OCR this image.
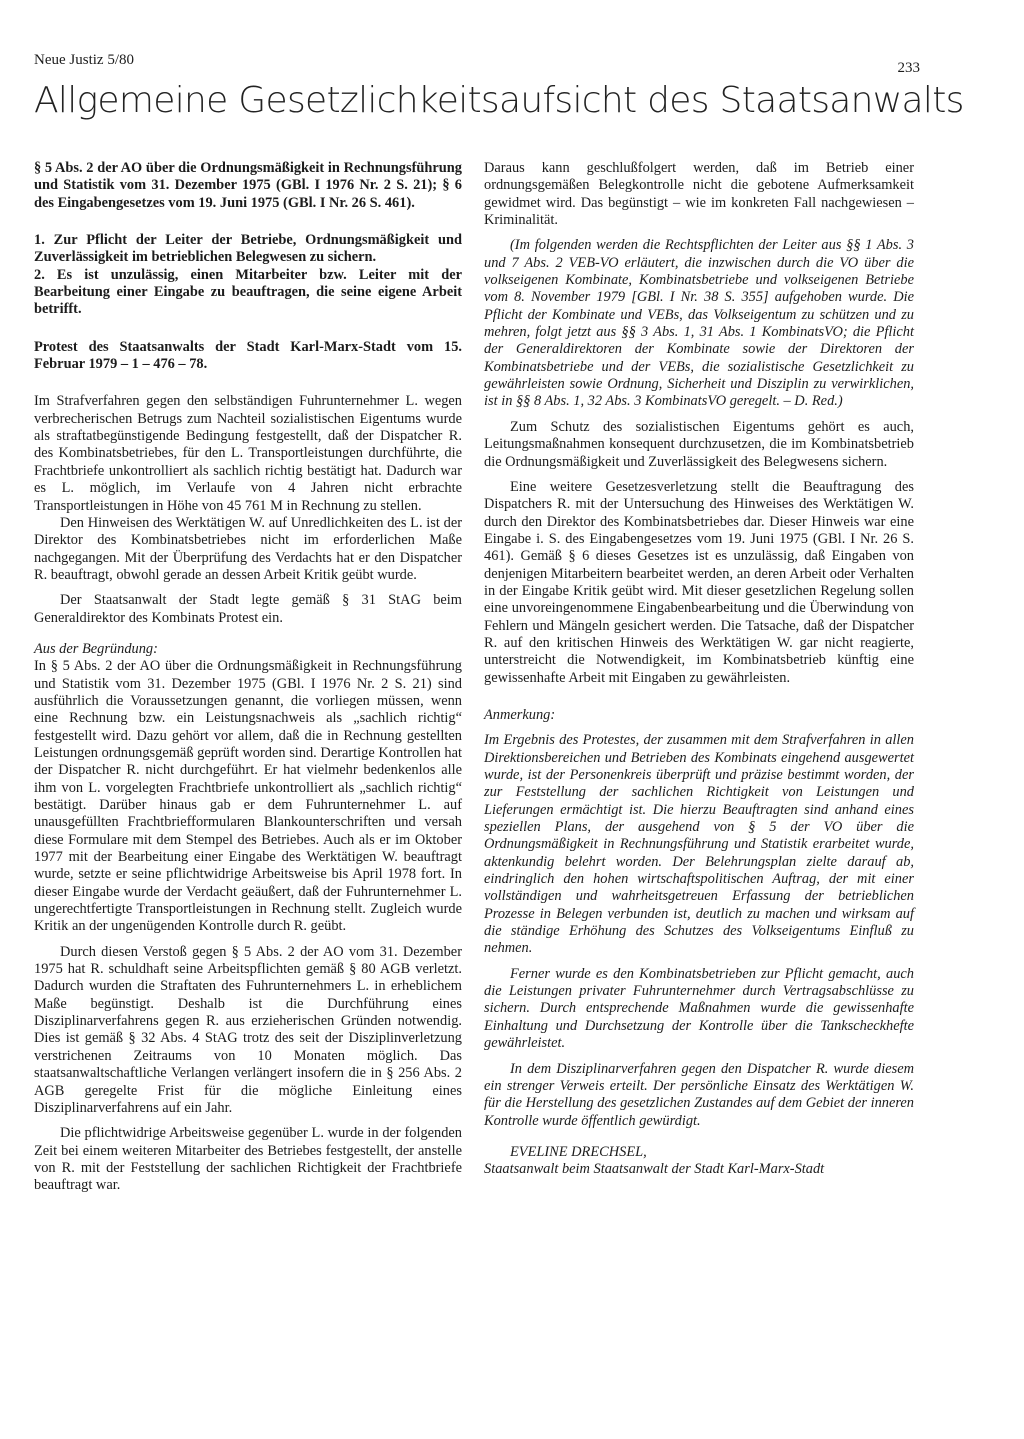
Neue Justiz 5/80	233
Allgemeine Gesetzlichkeitsaufsicht des Staatsanwalts

§ 5 Abs. 2 der AO über die Ordnungsmäßigkeit in Rechnungsführung und Statistik vom 31. Dezember 1975 (GBl. I 1976 Nr. 2 S. 21); § 6 des Eingabengesetzes vom 19. Juni 1975 (GBl. I Nr. 26 S. 461).

1. Zur Pflicht der Leiter der Betriebe, Ordnungsmäßigkeit und Zuverlässigkeit im betrieblichen Belegwesen zu sichern.

2. Es ist unzulässig, einen Mitarbeiter bzw. Leiter mit der Bearbeitung einer Eingabe zu beauftragen, die seine eigene Arbeit betrifft.

Protest des Staatsanwalts der Stadt Karl-Marx-Stadt vom 15. Februar 1979 – 1 – 476 – 78.

Im Strafverfahren gegen den selbständigen Fuhrunternehmer L. wegen verbrecherischen Betrugs zum Nachteil sozialistischen Eigentums wurde als straftatbegünstigende Bedingung festgestellt, daß der Dispatcher R. des Kombinatsbetriebes, für den L. Transportleistungen durchführte, die Frachtbriefe unkontrolliert als sachlich richtig bestätigt hat. Dadurch war es L. möglich, im Verlaufe von 4 Jahren nicht erbrachte Transportleistungen in Höhe von 45 761 M in Rechnung zu stellen.

Den Hinweisen des Werktätigen W. auf Unredlichkeiten des L. ist der Direktor des Kombinatsbetriebes nicht im erforderlichen Maße nachgegangen. Mit der Überprüfung des Verdachts hat er den Dispatcher R. beauftragt, obwohl gerade an dessen Arbeit Kritik geübt wurde.

Der Staatsanwalt der Stadt legte gemäß § 31 StAG beim Generaldirektor des Kombinats Protest ein.

Aus der Begründung:

In § 5 Abs. 2 der AO über die Ordnungsmäßigkeit in Rechnungsführung und Statistik vom 31. Dezember 1975 (GBl. I 1976 Nr. 2 S. 21) sind ausführlich die Voraussetzungen genannt, die vorliegen müssen, wenn eine Rechnung bzw. ein Leistungsnachweis als „sachlich richtig“ festgestellt wird. Dazu gehört vor allem, daß die in Rechnung gestellten Leistungen ordnungsgemäß geprüft worden sind. Derartige Kontrollen hat der Dispatcher R. nicht durchgeführt. Er hat vielmehr bedenkenlos alle ihm von L. vorgelegten Frachtbriefe unkontrolliert als „sachlich richtig“ bestätigt. Darüber hinaus gab er dem Fuhrunternehmer L. auf unausgefüllten Frachtbriefformularen Blankounterschriften und versah diese Formulare mit dem Stempel des Betriebes. Auch als er im Oktober 1977 mit der Bearbeitung einer Eingabe des Werktätigen W. beauftragt wurde, setzte er seine pflichtwidrige Arbeitsweise bis April 1978 fort. In dieser Eingabe wurde der Verdacht geäußert, daß der Fuhrunternehmer L. ungerechtfertigte Transportleistungen in Rechnung stellt. Zugleich wurde Kritik an der ungenügenden Kontrolle durch R. geübt.

Durch diesen Verstoß gegen § 5 Abs. 2 der AO vom 31. Dezember 1975 hat R. schuldhaft seine Arbeitspflichten gemäß § 80 AGB verletzt. Dadurch wurden die Straftaten des Fuhrunternehmers L. in erheblichem Maße begünstigt. Deshalb ist die Durchführung eines Disziplinarverfahrens gegen R. aus erzieherischen Gründen notwendig. Dies ist gemäß § 32 Abs. 4 StAG trotz des seit der Disziplinverletzung verstrichenen Zeitraums von 10 Monaten möglich. Das staatsanwaltschaftliche Verlangen verlängert insofern die in § 256 Abs. 2 AGB geregelte Frist für die mögliche Einleitung eines Disziplinarverfahrens auf ein Jahr.

Die pflichtwidrige Arbeitsweise gegenüber L. wurde in der folgenden Zeit bei einem weiteren Mitarbeiter des Betriebes festgestellt, der anstelle von R. mit der Feststellung der sachlichen Richtigkeit der Frachtbriefe beauftragt war.

Daraus kann geschlußfolgert werden, daß im Betrieb einer ordnungsgemäßen Belegkontrolle nicht die gebotene Aufmerksamkeit gewidmet wird. Das begünstigt – wie im konkreten Fall nachgewiesen – Kriminalität.

(Im folgenden werden die Rechtspflichten der Leiter aus §§ 1 Abs. 3 und 7 Abs. 2 VEB-VO erläutert, die inzwischen durch die VO über die volkseigenen Kombinate, Kombinatsbetriebe und volkseigenen Betriebe vom 8. November 1979 [GBl. I Nr. 38 S. 355] aufgehoben wurde. Die Pflicht der Kombinate und VEBs, das Volkseigentum zu schützen und zu mehren, folgt jetzt aus §§ 3 Abs. 1, 31 Abs. 1 KombinatsVO; die Pflicht der Generaldirektoren der Kombinate sowie der Direktoren der Kombinatsbetriebe und der VEBs, die sozialistische Gesetzlichkeit zu gewährleisten sowie Ordnung, Sicherheit und Disziplin zu verwirklichen, ist in §§ 8 Abs. 1, 32 Abs. 3 KombinatsVO geregelt. – D. Red.)

Zum Schutz des sozialistischen Eigentums gehört es auch, Leitungsmaßnahmen konsequent durchzusetzen, die im Kombinatsbetrieb die Ordnungsmäßigkeit und Zuverlässigkeit des Belegwesens sichern.

Eine weitere Gesetzesverletzung stellt die Beauftragung des Dispatchers R. mit der Untersuchung des Hinweises des Werktätigen W. durch den Direktor des Kombinatsbetriebes dar. Dieser Hinweis war eine Eingabe i. S. des Eingabengesetzes vom 19. Juni 1975 (GBl. I Nr. 26 S. 461). Gemäß § 6 dieses Gesetzes ist es unzulässig, daß Eingaben von denjenigen Mitarbeitern bearbeitet werden, an deren Arbeit oder Verhalten in der Eingabe Kritik geübt wird. Mit dieser gesetzlichen Regelung sollen eine unvoreingenommene Eingabenbearbeitung und die Überwindung von Fehlern und Mängeln gesichert werden. Die Tatsache, daß der Dispatcher R. auf den kritischen Hinweis des Werktätigen W. gar nicht reagierte, unterstreicht die Notwendigkeit, im Kombinatsbetrieb künftig eine gewissenhafte Arbeit mit Eingaben zu gewährleisten.

Anmerkung:

Im Ergebnis des Protestes, der zusammen mit dem Strafverfahren in allen Direktionsbereichen und Betrieben des Kombinats eingehend ausgewertet wurde, ist der Personenkreis überprüft und präzise bestimmt worden, der zur Feststellung der sachlichen Richtigkeit von Leistungen und Lieferungen ermächtigt ist. Die hierzu Beauftragten sind anhand eines speziellen Plans, der ausgehend von § 5 der VO über die Ordnungsmäßigkeit in Rechnungsführung und Statistik erarbeitet wurde, aktenkundig belehrt worden. Der Belehrungsplan zielte darauf ab, eindringlich den hohen wirtschaftspolitischen Auftrag, der mit einer vollständigen und wahrheitsgetreuen Erfassung der betrieblichen Prozesse in Belegen verbunden ist, deutlich zu machen und wirksam auf die ständige Erhöhung des Schutzes des Volkseigentums Einfluß zu nehmen.

Ferner wurde es den Kombinatsbetrieben zur Pflicht gemacht, auch die Leistungen privater Fuhrunternehmer durch Vertragsabschlüsse zu sichern. Durch entsprechende Maßnahmen wurde die gewissenhafte Einhaltung und Durchsetzung der Kontrolle über die Tankscheckhefte gewährleistet.

In dem Disziplinarverfahren gegen den Dispatcher R. wurde diesem ein strenger Verweis erteilt. Der persönliche Einsatz des Werktätigen W. für die Herstellung des gesetzlichen Zustandes auf dem Gebiet der inneren Kontrolle wurde öffentlich gewürdigt.

EVELINE DRECHSEL,

Staatsanwalt beim Staatsanwalt der Stadt Karl-Marx-Stadt
